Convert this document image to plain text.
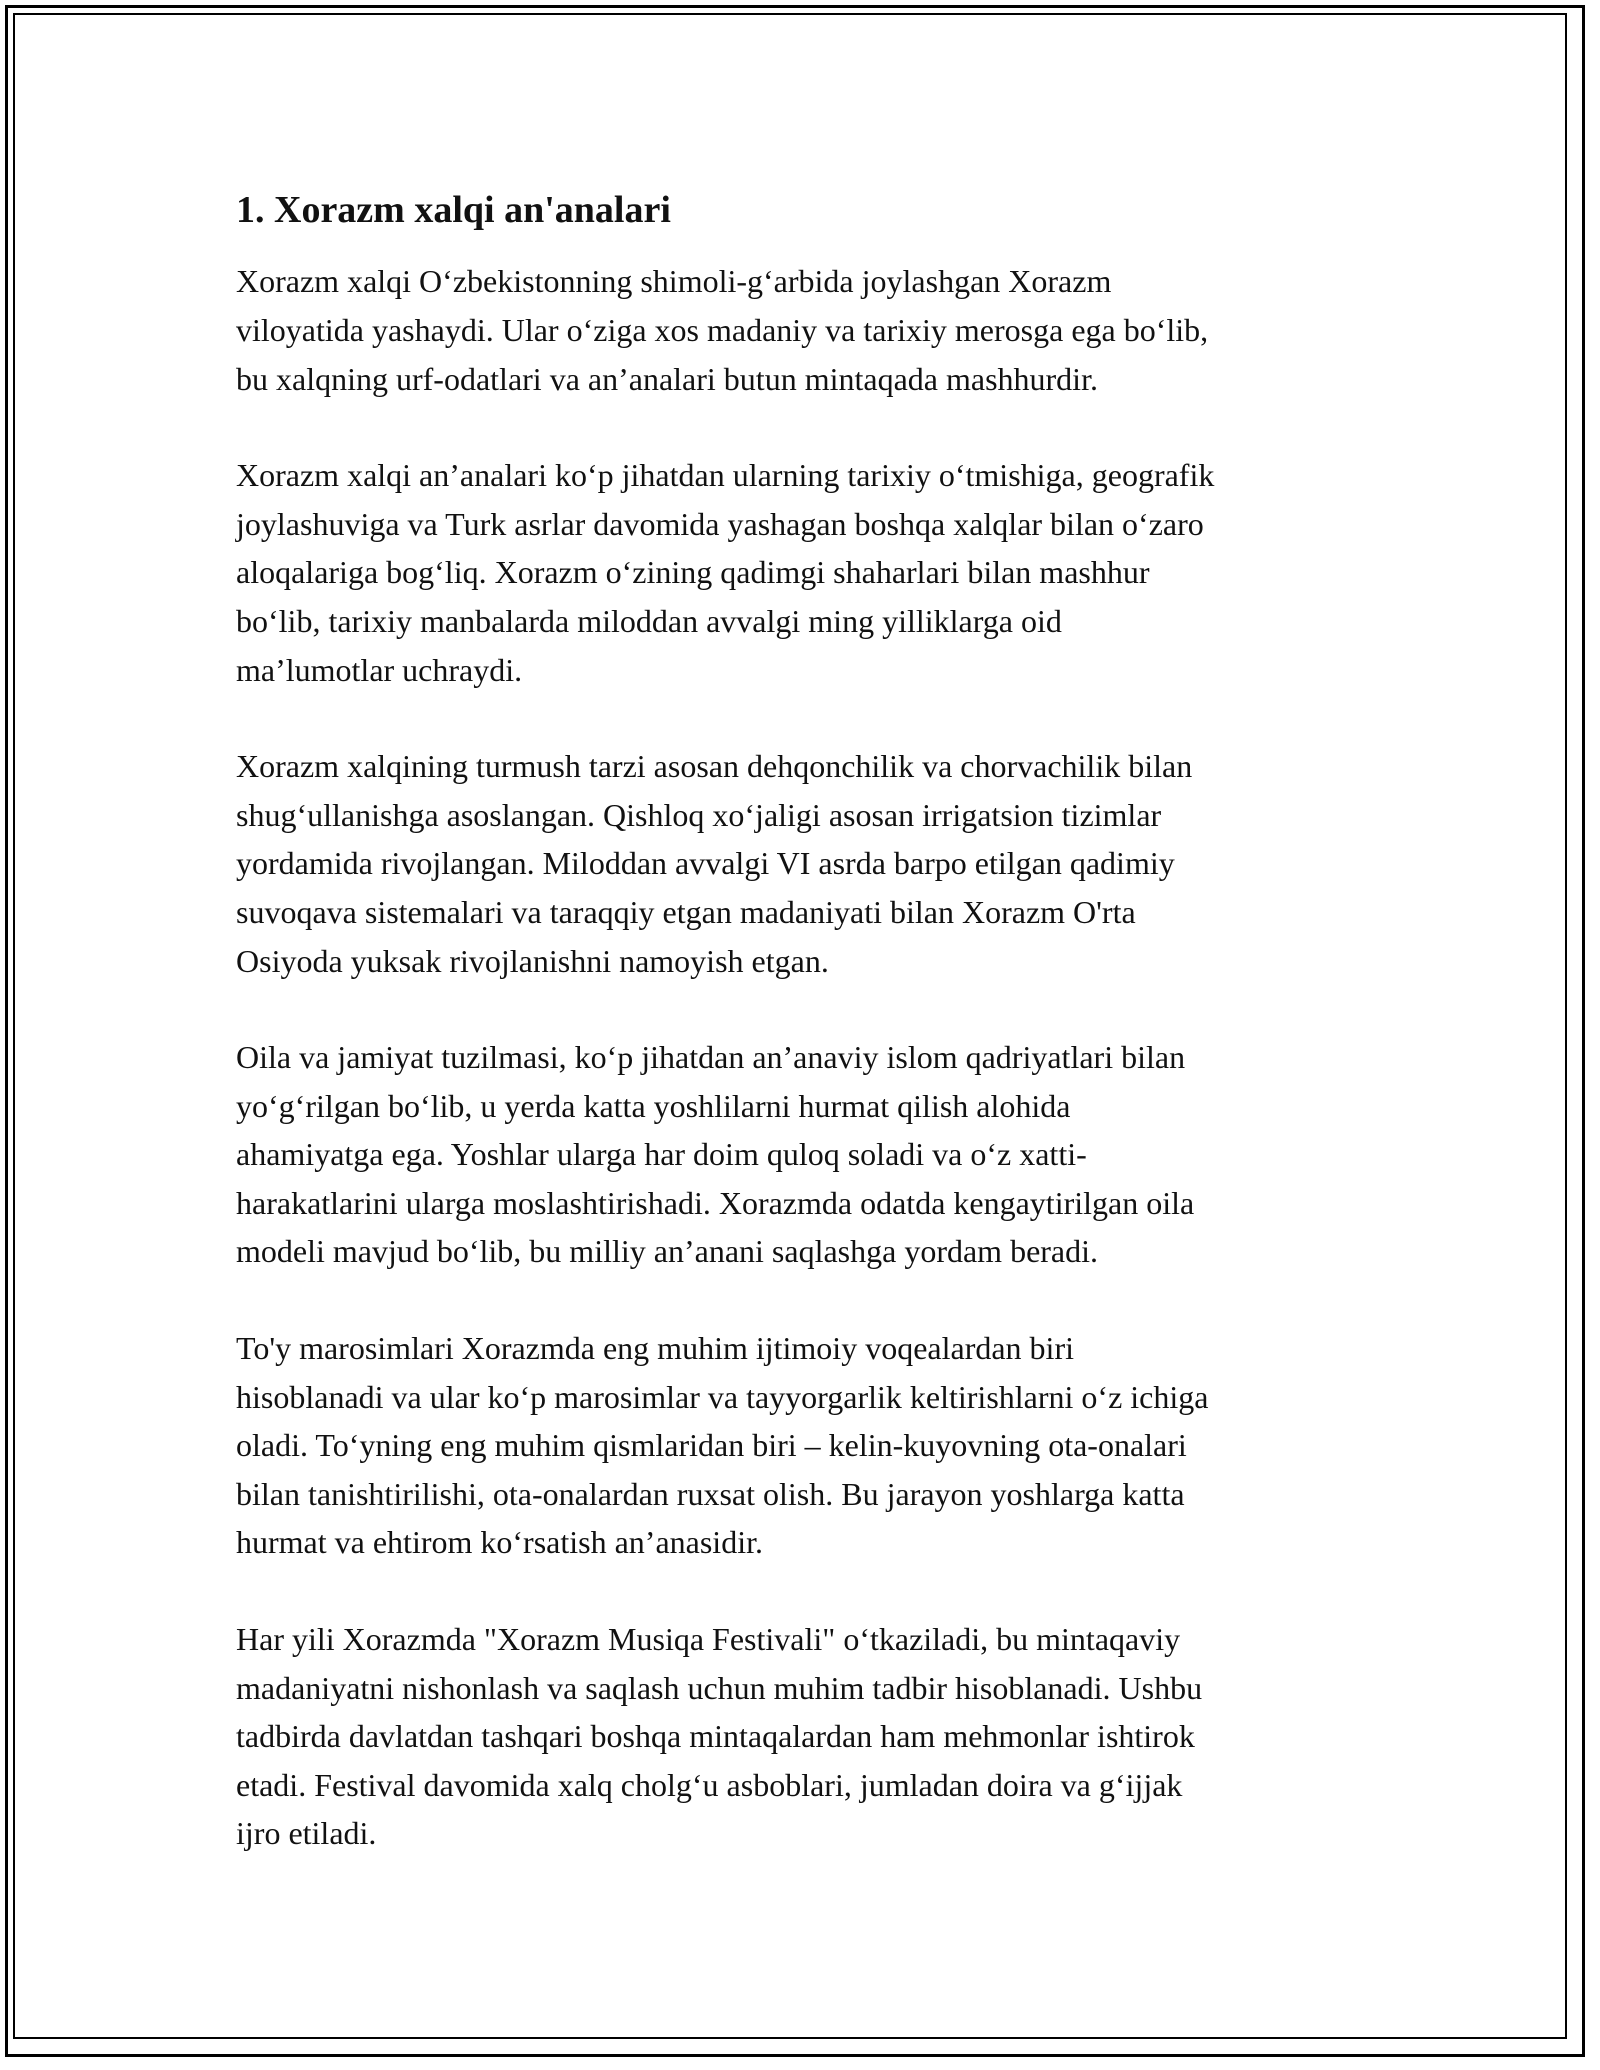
1. Xorazm xalqi an'analari

Xorazm xalqi O‘zbekistonning shimoli-g‘arbida joylashgan Xorazm
viloyatida yashaydi. Ular o‘ziga xos madaniy va tarixiy merosga ega bo‘lib,
bu xalqning urf-odatlari va an’analari butun mintaqada mashhurdir.

Xorazm xalqi an’analari ko‘p jihatdan ularning tarixiy o‘tmishiga, geografik
joylashuviga va Turk asrlar davomida yashagan boshqa xalqlar bilan o‘zaro
aloqalariga bog‘liq. Xorazm o‘zining qadimgi shaharlari bilan mashhur
bo‘lib, tarixiy manbalarda miloddan avvalgi ming yilliklarga oid
ma’lumotlar uchraydi.

Xorazm xalqining turmush tarzi asosan dehqonchilik va chorvachilik bilan
shug‘ullanishga asoslangan. Qishloq xo‘jaligi asosan irrigatsion tizimlar
yordamida rivojlangan. Miloddan avvalgi VI asrda barpo etilgan qadimiy
suvoqava sistemalari va taraqqiy etgan madaniyati bilan Xorazm O'rta
Osiyoda yuksak rivojlanishni namoyish etgan.

Oila va jamiyat tuzilmasi, ko‘p jihatdan an’anaviy islom qadriyatlari bilan
yo‘g‘rilgan bo‘lib, u yerda katta yoshlilarni hurmat qilish alohida
ahamiyatga ega. Yoshlar ularga har doim quloq soladi va o‘z xatti-
harakatlarini ularga moslashtirishadi. Xorazmda odatda kengaytirilgan oila
modeli mavjud bo‘lib, bu milliy an’anani saqlashga yordam beradi.

To'y marosimlari Xorazmda eng muhim ijtimoiy voqealardan biri
hisoblanadi va ular ko‘p marosimlar va tayyorgarlik keltirishlarni o‘z ichiga
oladi. To‘yning eng muhim qismlaridan biri – kelin-kuyovning ota-onalari
bilan tanishtirilishi, ota-onalardan ruxsat olish. Bu jarayon yoshlarga katta
hurmat va ehtirom ko‘rsatish an’anasidir.

Har yili Xorazmda "Xorazm Musiqa Festivali" o‘tkaziladi, bu mintaqaviy
madaniyatni nishonlash va saqlash uchun muhim tadbir hisoblanadi. Ushbu
tadbirda davlatdan tashqari boshqa mintaqalardan ham mehmonlar ishtirok
etadi. Festival davomida xalq cholg‘u asboblari, jumladan doira va g‘ijjak
ijro etiladi.
